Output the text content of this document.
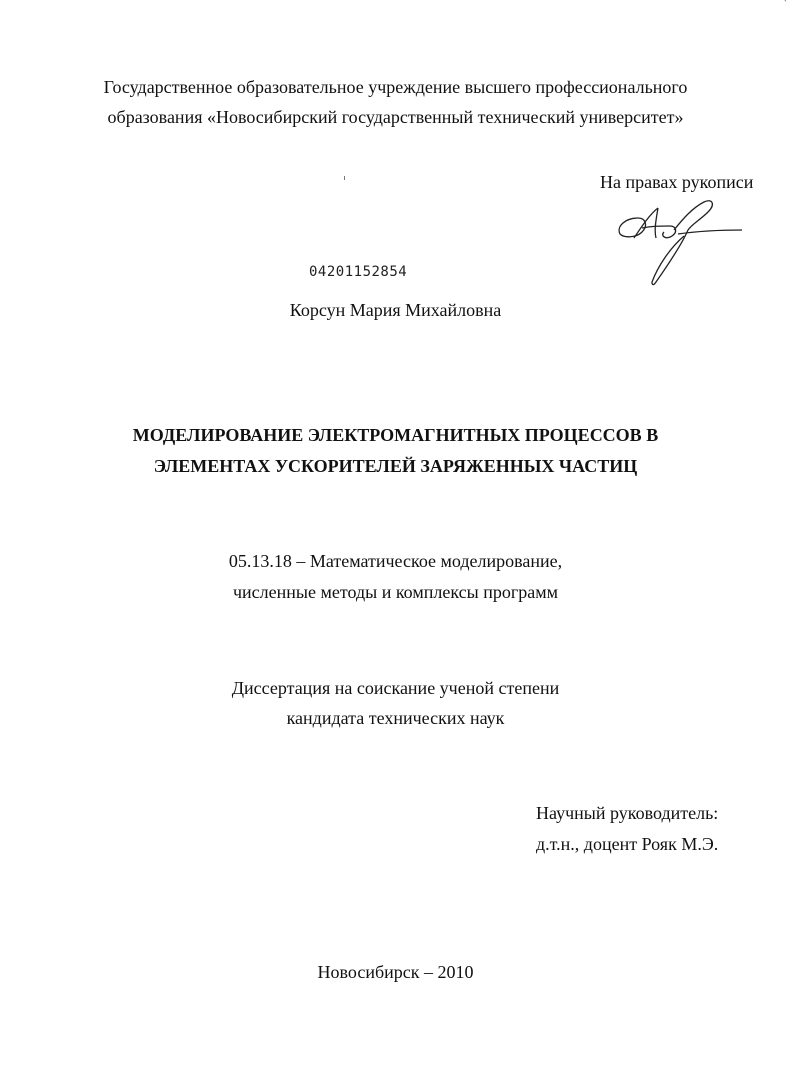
ˋ
Государственное образовательное учреждение высшего профессионального
образования «Новосибирский государственный технический университет»
На правах рукописи
04201152854
Корсун Мария Михайловна
МОДЕЛИРОВАНИЕ ЭЛЕКТРОМАГНИТНЫХ ПРОЦЕССОВ В
ЭЛЕМЕНТАХ УСКОРИТЕЛЕЙ ЗАРЯЖЕННЫХ ЧАСТИЦ
05.13.18 – Математическое моделирование,
численные методы и комплексы программ
Диссертация на соискание ученой степени
кандидата технических наук
Научный руководитель:
д.т.н., доцент Рояк М.Э.
Новосибирск – 2010
